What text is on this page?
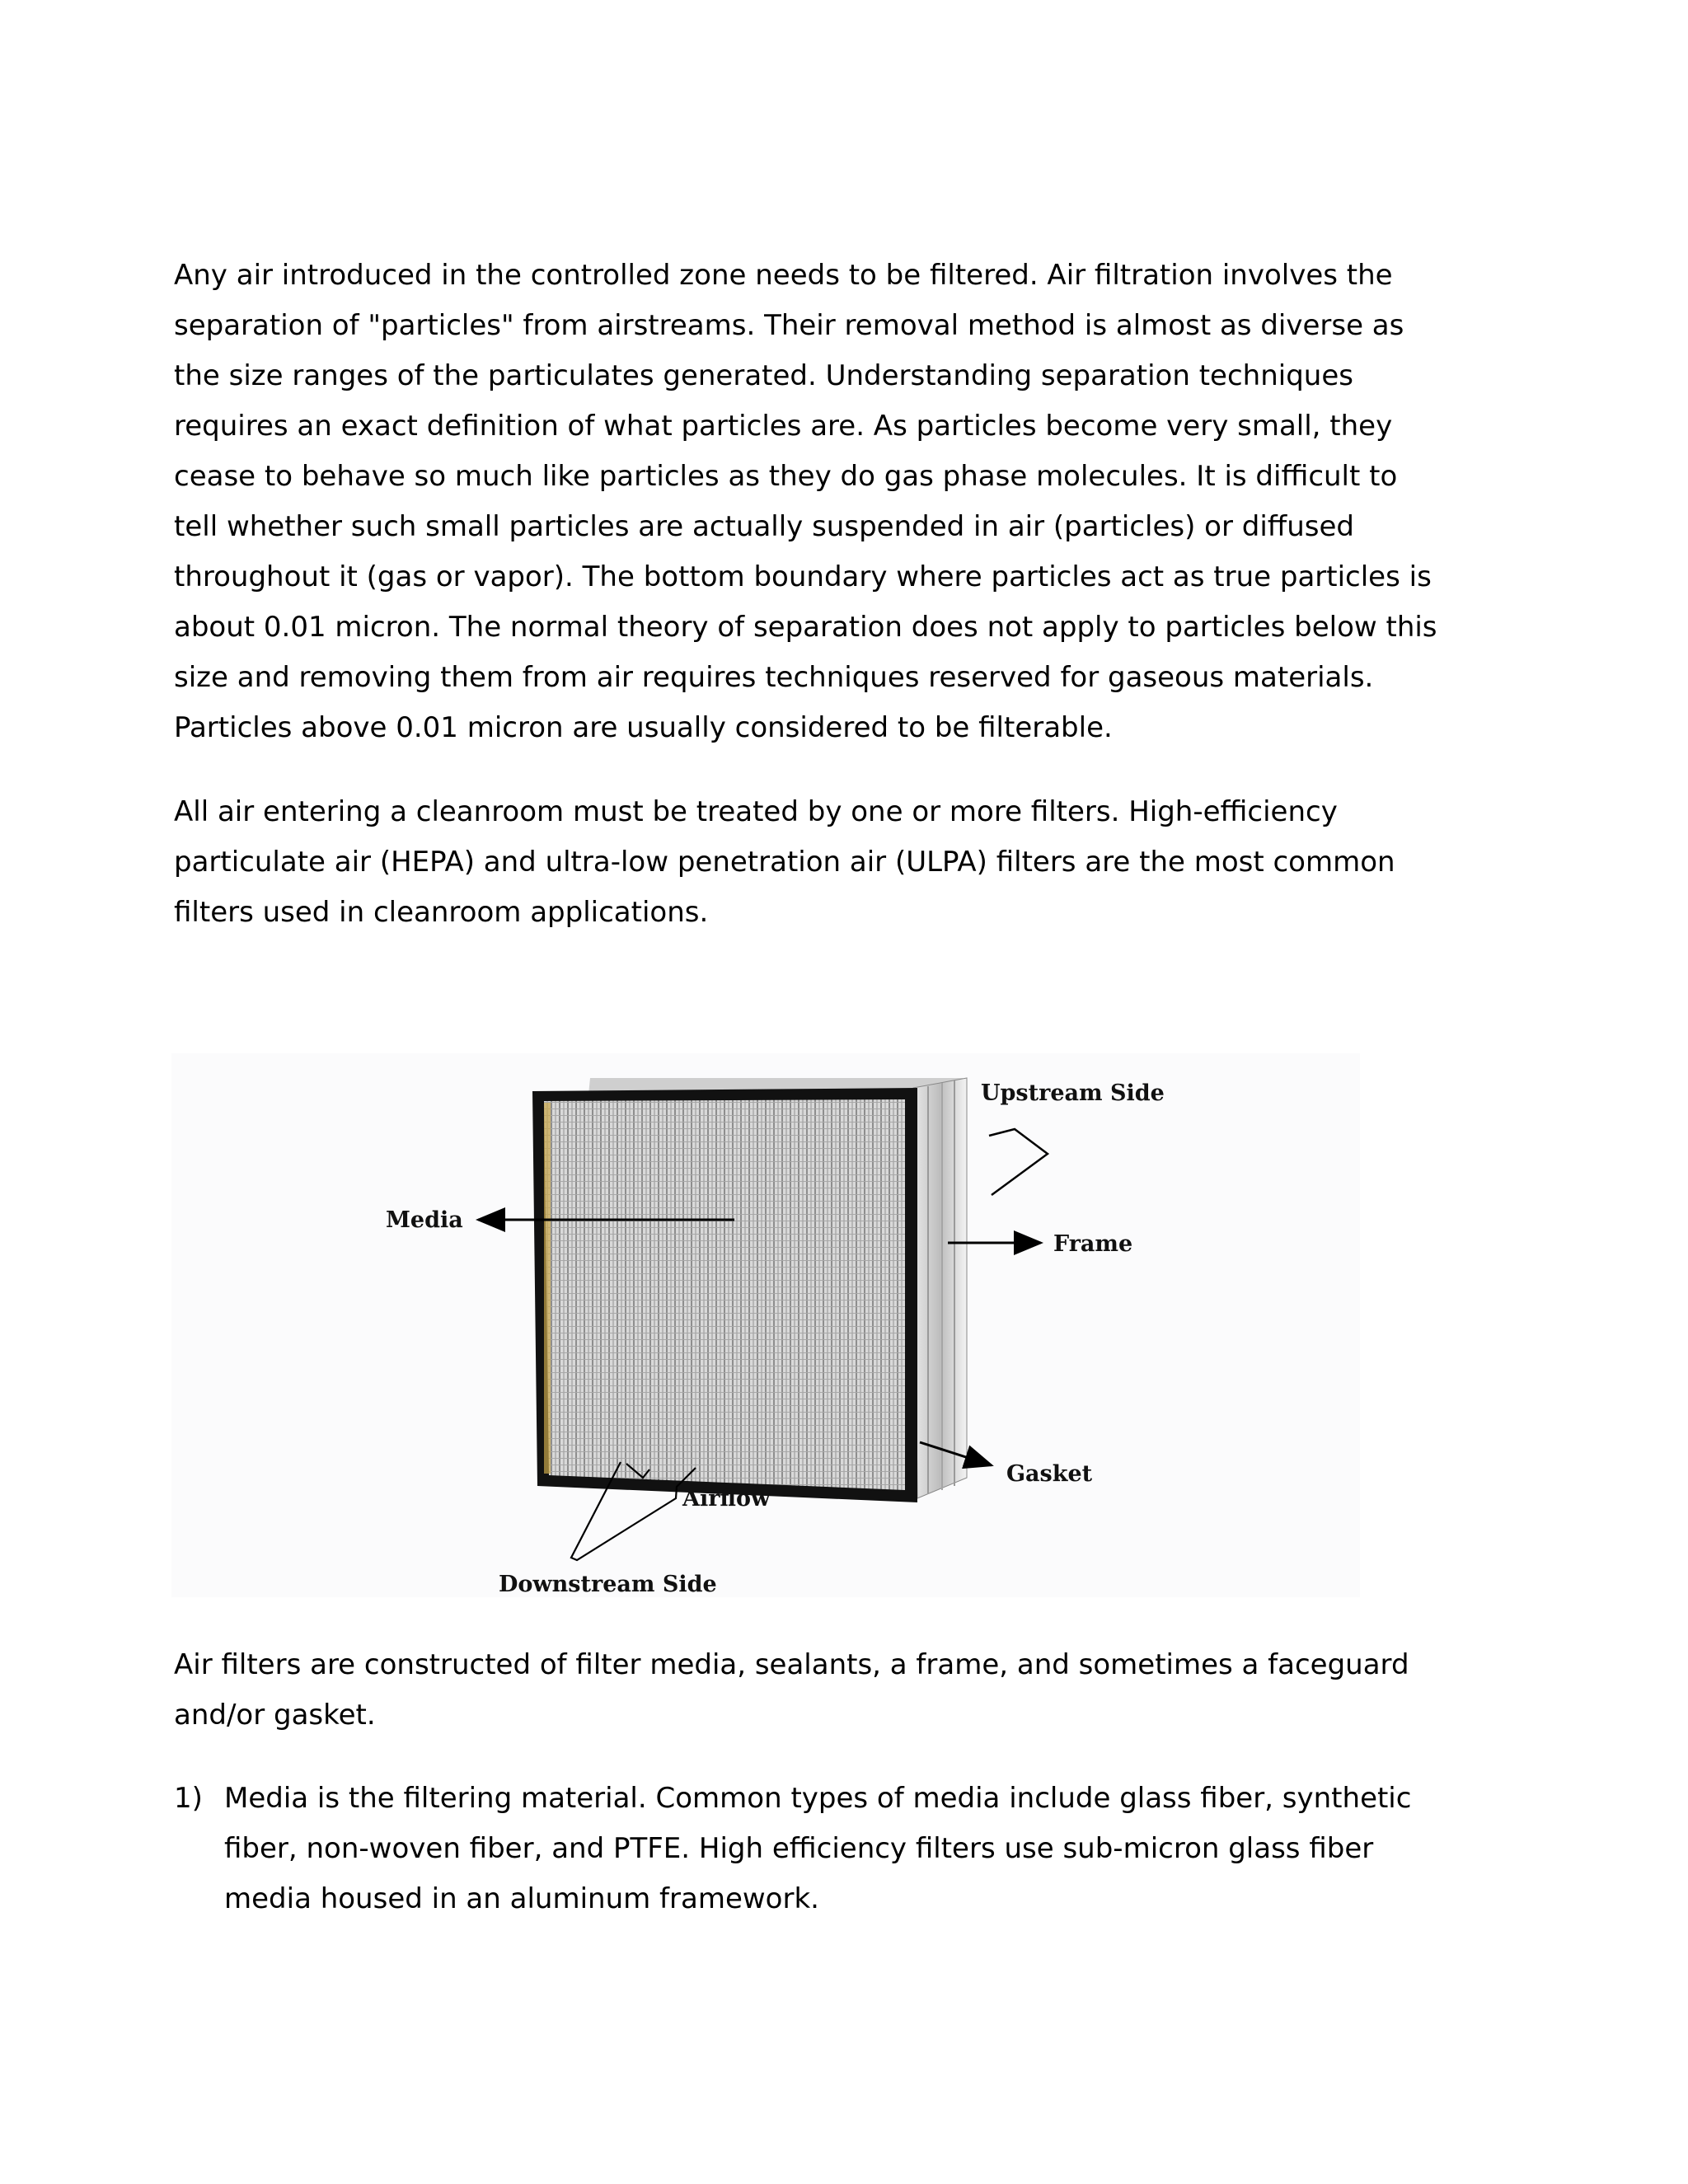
Any air introduced in the controlled zone needs to be filtered. Air filtration involves the
separation of "particles" from airstreams. Their removal method is almost as diverse as
the size ranges of the particulates generated. Understanding separation techniques
requires an exact definition of what particles are. As particles become very small, they
cease to behave so much like particles as they do gas phase molecules. It is difficult to
tell whether such small particles are actually suspended in air (particles) or diffused
throughout it (gas or vapor). The bottom boundary where particles act as true particles is
about 0.01 micron. The normal theory of separation does not apply to particles below this
size and removing them from air requires techniques reserved for gaseous materials.
Particles above 0.01 micron are usually considered to be filterable.

All air entering a cleanroom must be treated by one or more filters. High-efficiency
particulate air (HEPA) and ultra-low penetration air (ULPA) filters are the most common
filters used in cleanroom applications.

Upstream Side
Media
Frame
Gasket
Airflow
Downstream Side

Air filters are constructed of filter media, sealants, a frame, and sometimes a faceguard
and/or gasket.

1) Media is the filtering material. Common types of media include glass fiber, synthetic
fiber, non-woven fiber, and PTFE. High efficiency filters use sub-micron glass fiber
media housed in an aluminum framework.
